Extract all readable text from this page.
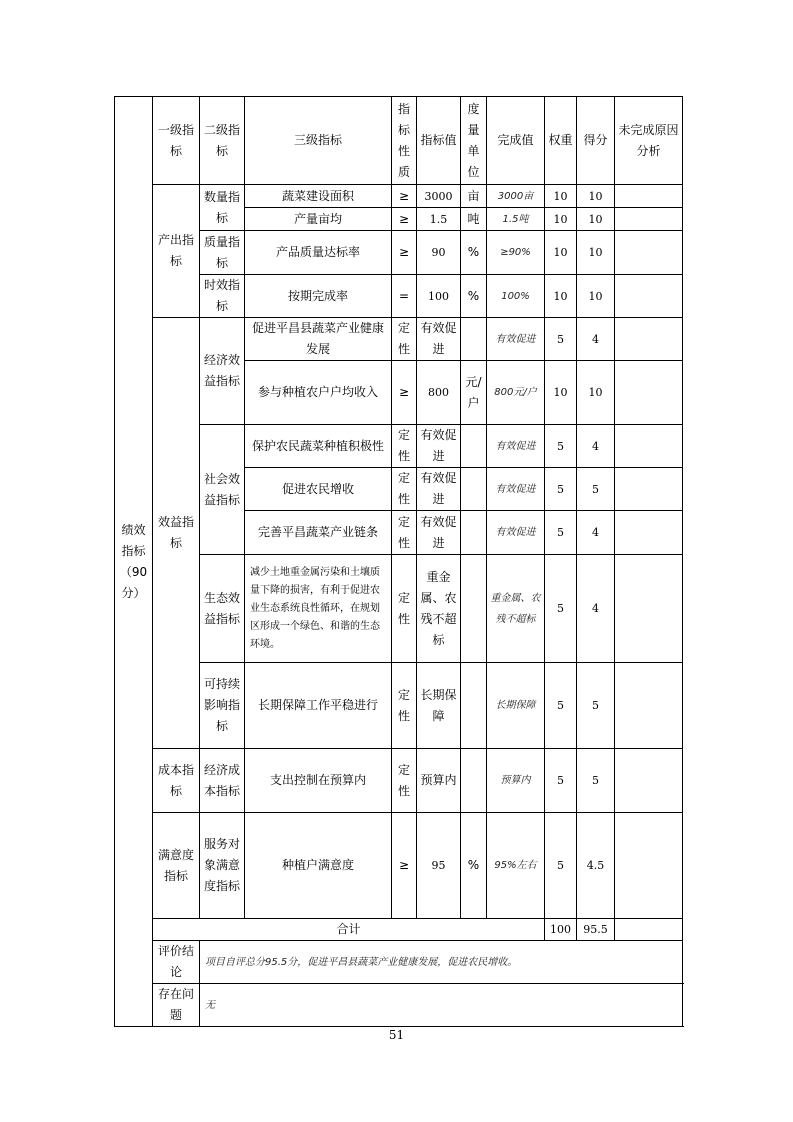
绩效指标（90分）	一级指标	二级指标	三级指标	指标性质	指标值	度量单位	完成值	权重	得分	未完成原因分析
	产出指标	数量指标	蔬菜建设面积	≥	3000	亩	3000亩	10	10	
			产量亩均	≥	1.5	吨	1.5吨	10	10	
		质量指标	产品质量达标率	≥	90	%	≥90%	10	10	
		时效指标	按期完成率	=	100	%	100%	10	10	
	效益指标	经济效益指标	促进平昌县蔬菜产业健康发展	定性	有效促进		有效促进	5	4	
			参与种植农户户均收入	≥	800	元/户	800元/户	10	10	
		社会效益指标	保护农民蔬菜种植积极性	定性	有效促进		有效促进	5	4	
			促进农民增收	定性	有效促进		有效促进	5	5	
			完善平昌蔬菜产业链条	定性	有效促进		有效促进	5	4	
		生态效益指标	减少土地重金属污染和土壤质量下降的损害，有利于促进农业生态系统良性循环，在规划区形成一个绿色、和谐的生态环境。	定性	重金属、农残不超标		重金属、农残不超标	5	4	
		可持续影响指标	长期保障工作平稳进行	定性	长期保障		长期保障	5	5	
	成本指标	经济成本指标	支出控制在预算内	定性	预算内		预算内	5	5	
	满意度指标	服务对象满意度指标	种植户满意度	≥	95	%	95%左右	5	4.5	
	合计							100	95.5	
	评价结论	项目自评总分95.5分，促进平昌县蔬菜产业健康发展，促进农民增收。								
	存在问题	无								
51
